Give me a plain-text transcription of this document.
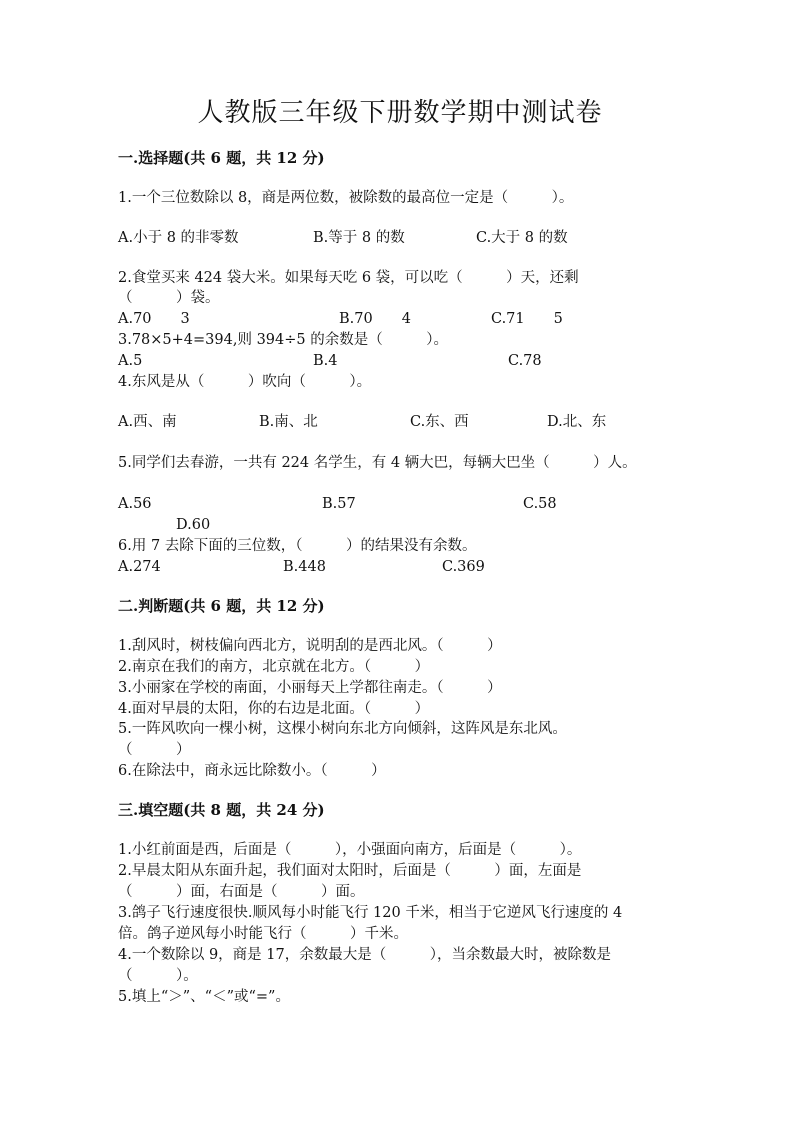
人教版三年级下册数学期中测试卷
一.选择题(共 6 题，共 12 分)
1.一个三位数除以 8，商是两位数，被除数的最高位一定是（　　　）。
A.小于 8 的非零数	B.等于 8 的数	C.大于 8 的数
2.食堂买来 424 袋大米。如果每天吃 6 袋，可以吃（　　　）天，还剩
（　　　）袋。
A.70　　3	B.70　　4	C.71　　5
3.78×5+4=394,则 394÷5 的余数是（　　　）。
A.5	B.4	C.78
4.东风是从（　　　）吹向（　　　）。
A.西、南	B.南、北	C.东、西	D.北、东
5.同学们去春游，一共有 224 名学生，有 4 辆大巴，每辆大巴坐（　　　）人。
A.56	B.57	C.58
D.60
6.用 7 去除下面的三位数，（　　　）的结果没有余数。
A.274	B.448	C.369
二.判断题(共 6 题，共 12 分)
1.刮风时，树枝偏向西北方，说明刮的是西北风。（　　　）
2.南京在我们的南方，北京就在北方。（　　　）
3.小丽家在学校的南面，小丽每天上学都往南走。（　　　）
4.面对早晨的太阳，你的右边是北面。（　　　）
5.一阵风吹向一棵小树，这棵小树向东北方向倾斜，这阵风是东北风。
（　　　）
6.在除法中，商永远比除数小。（　　　）
三.填空题(共 8 题，共 24 分)
1.小红前面是西，后面是（　　　），小强面向南方，后面是（　　　）。
2.早晨太阳从东面升起，我们面对太阳时，后面是（　　　）面，左面是
（　　　）面，右面是（　　　）面。
3.鸽子飞行速度很快.顺风每小时能飞行 120 千米，相当于它逆风飞行速度的 4
倍。鸽子逆风每小时能飞行（　　　）千米。
4.一个数除以 9，商是 17，余数最大是（　　　），当余数最大时，被除数是
（　　　）。
5.填上“＞”、“＜”或“=”。
